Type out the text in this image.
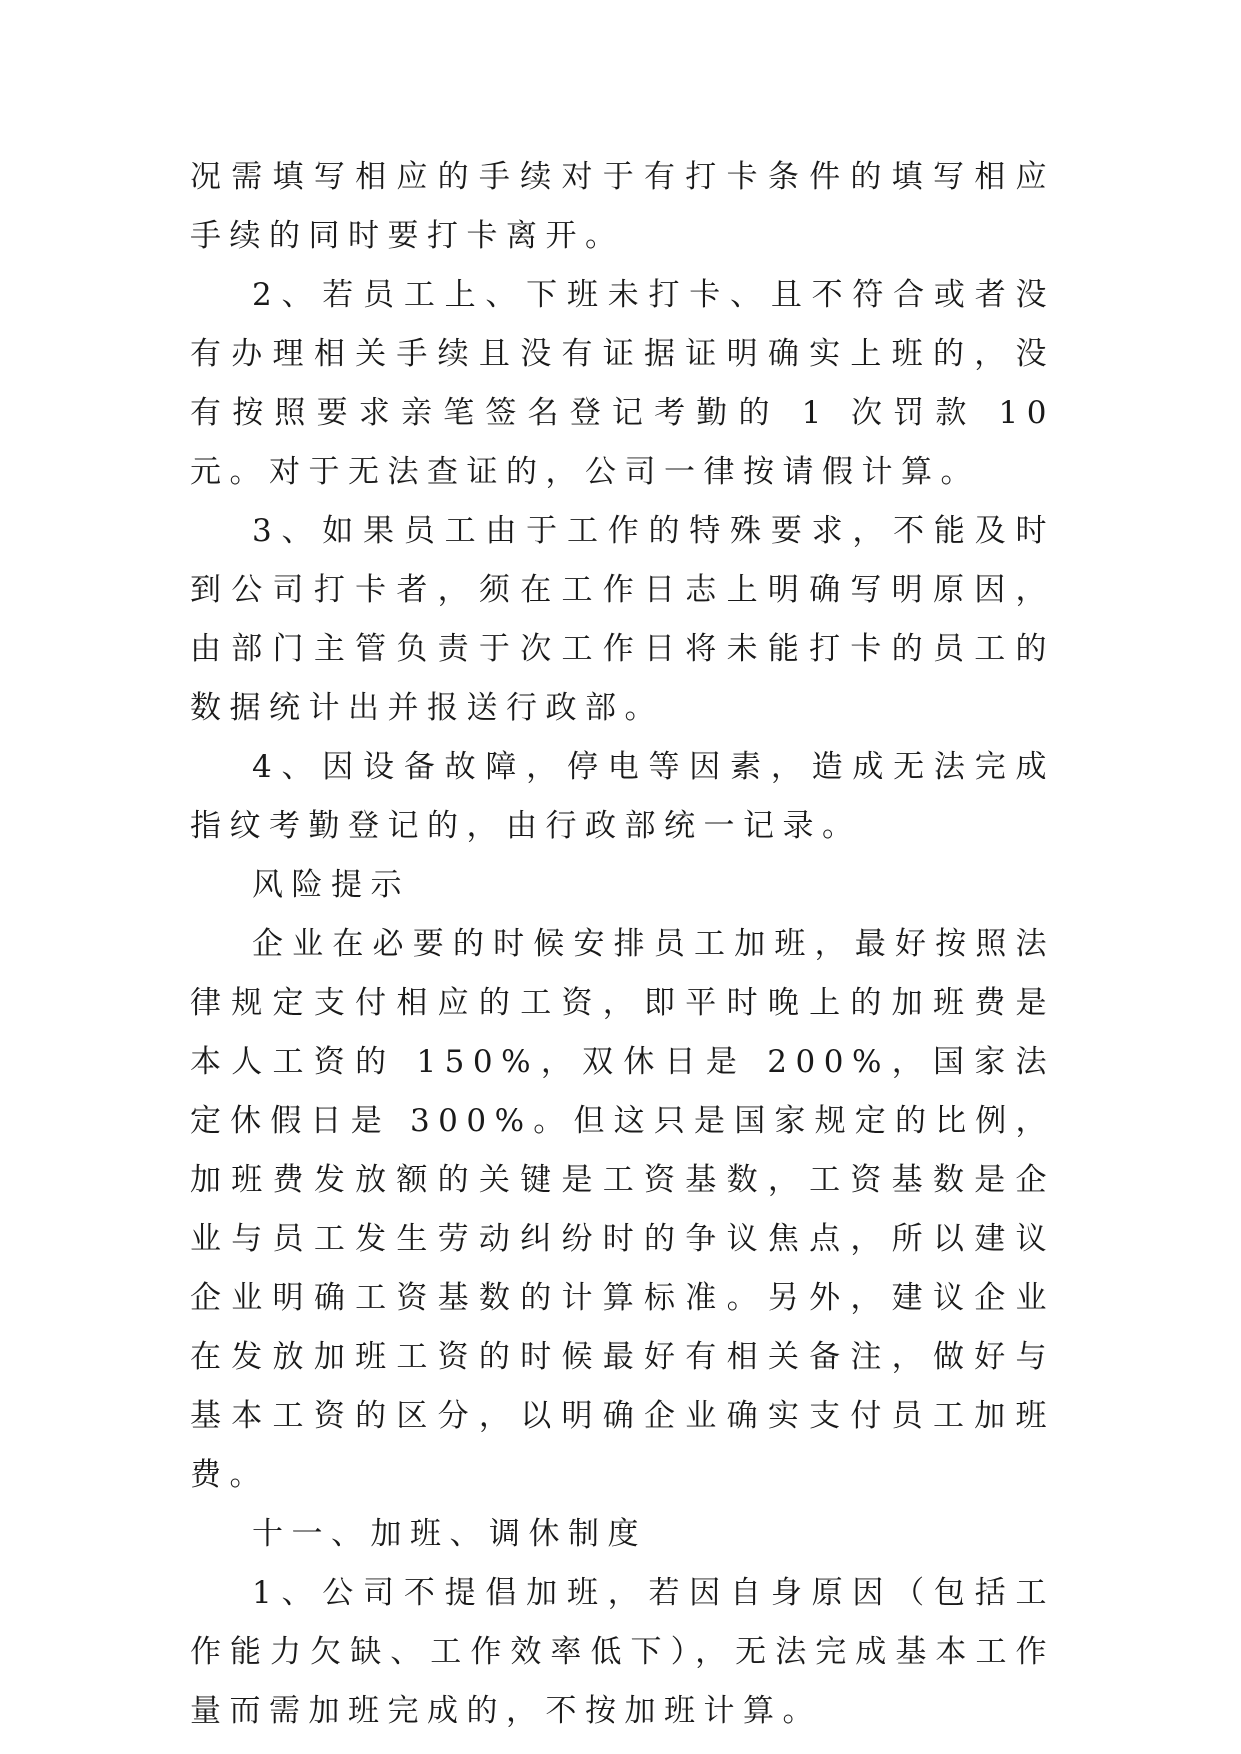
况需填写相应的手续对于有打卡条件的填写相应手续的同时要打卡离开。

2、若员工上、下班未打卡、且不符合或者没有办理相关手续且没有证据证明确实上班的，没有按照要求亲笔签名登记考勤的 1 次罚款 10 元。对于无法查证的，公司一律按请假计算。

3、如果员工由于工作的特殊要求，不能及时到公司打卡者，须在工作日志上明确写明原因，由部门主管负责于次工作日将未能打卡的员工的数据统计出并报送行政部。

4、因设备故障，停电等因素，造成无法完成指纹考勤登记的，由行政部统一记录。

风险提示

企业在必要的时候安排员工加班，最好按照法律规定支付相应的工资，即平时晚上的加班费是本人工资的 150%，双休日是 200%，国家法定休假日是 300%。但这只是国家规定的比例，加班费发放额的关键是工资基数，工资基数是企业与员工发生劳动纠纷时的争议焦点，所以建议企业明确工资基数的计算标准。另外，建议企业在发放加班工资的时候最好有相关备注，做好与基本工资的区分，以明确企业确实支付员工加班费。

十一、加班、调休制度

1、公司不提倡加班，若因自身原因（包括工作能力欠缺、工作效率低下），无法完成基本工作量而需加班完成的，不按加班计算。
